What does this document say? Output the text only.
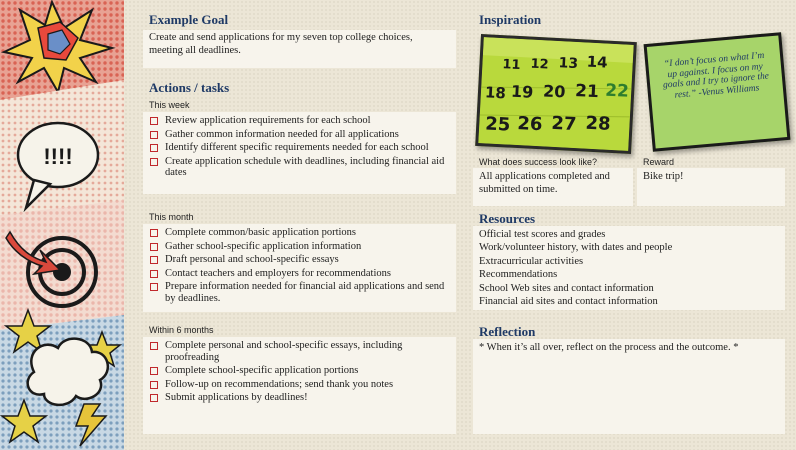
!!!!
Example Goal
Create and send applications for my seven top college choices, meeting all deadlines.
Actions / tasks
This week
Review application requirements for each school
Gather common information needed for all applications
Identify different specific requirements needed for each school
Create application schedule with deadlines, including financial aid dates
This month
Complete common/basic application portions
Gather school-specific application information
Draft personal and school-specific essays
Contact teachers and employers for recommendations
Prepare information needed for financial aid applications and send by deadlines.
Within 6 months
Complete personal and school-specific essays, including proofreading
Complete school-specific application portions
Follow-up on recommendations; send thank you notes
Submit applications by deadlines!
Inspiration
11 12 13 14
18 19 20 21 22
25 26 27 28
“I don’t focus on what I’m up against. I focus on my goals and I try to ignore the rest.” -Venus Williams
What does success look like?
All applications completed and submitted on time.
Reward
Bike trip!
Resources
Official test scores and grades
Work/volunteer history, with dates and people
Extracurricular activities
Recommendations
School Web sites and contact information
Financial aid sites and contact information
Reflection
* When it’s all over, reflect on the process and the outcome. *
